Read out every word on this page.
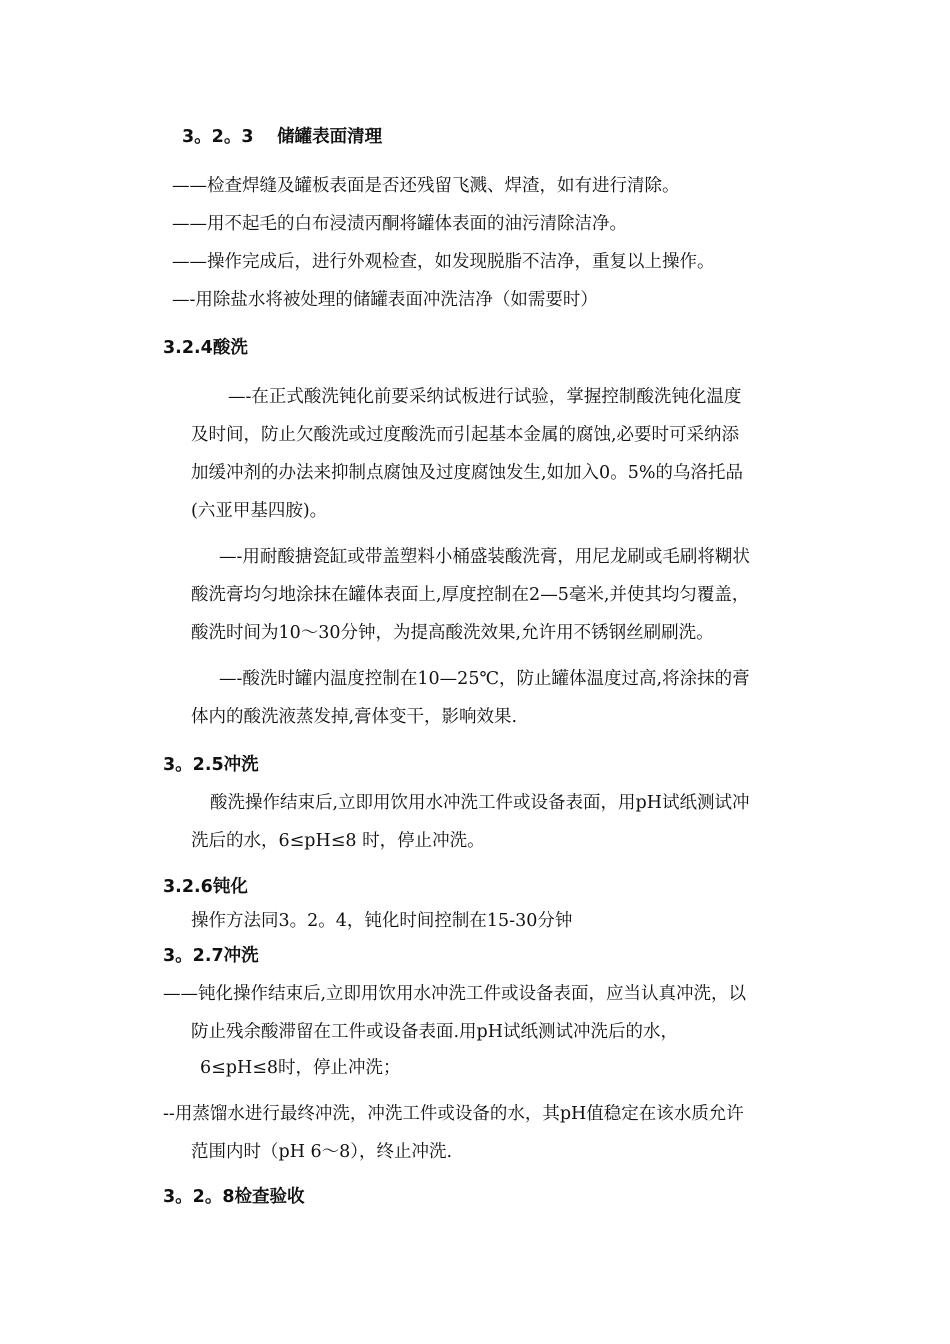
3。2。3　 储罐表面清理
——检查焊缝及罐板表面是否还残留飞溅、焊渣，如有进行清除。
——用不起毛的白布浸渍丙酮将罐体表面的油污清除洁净。
——操作完成后，进行外观检查，如发现脱脂不洁净，重复以上操作。
—-用除盐水将被处理的储罐表面冲洗洁净（如需要时）
3.2.4酸洗
—-在正式酸洗钝化前要采纳试板进行试验，掌握控制酸洗钝化温度
及时间，防止欠酸洗或过度酸洗而引起基本金属的腐蚀,必要时可采纳添
加缓冲剂的办法来抑制点腐蚀及过度腐蚀发生,如加入0。5%的乌洛托品
(六亚甲基四胺)。
—-用耐酸搪瓷缸或带盖塑料小桶盛装酸洗膏，用尼龙刷或毛刷将糊状
酸洗膏均匀地涂抹在罐体表面上,厚度控制在2—5毫米,并使其均匀覆盖，
酸洗时间为10～30分钟，为提高酸洗效果,允许用不锈钢丝刷刷洗。
—-酸洗时罐内温度控制在10—25℃，防止罐体温度过高,将涂抹的膏
体内的酸洗液蒸发掉,膏体变干，影响效果.
3。2.5冲洗
酸洗操作结束后,立即用饮用水冲洗工件或设备表面，用pH试纸测试冲
洗后的水，6≤pH≤8 时，停止冲洗。
3.2.6钝化
操作方法同3。2。4，钝化时间控制在15-30分钟
3。2.7冲洗
——钝化操作结束后,立即用饮用水冲洗工件或设备表面，应当认真冲洗，以
防止残余酸滞留在工件或设备表面.用pH试纸测试冲洗后的水，
6≤pH≤8时，停止冲洗；
--用蒸馏水进行最终冲洗，冲洗工件或设备的水，其pH值稳定在该水质允许
范围内时（pH 6～8），终止冲洗.
3。2。8检查验收
